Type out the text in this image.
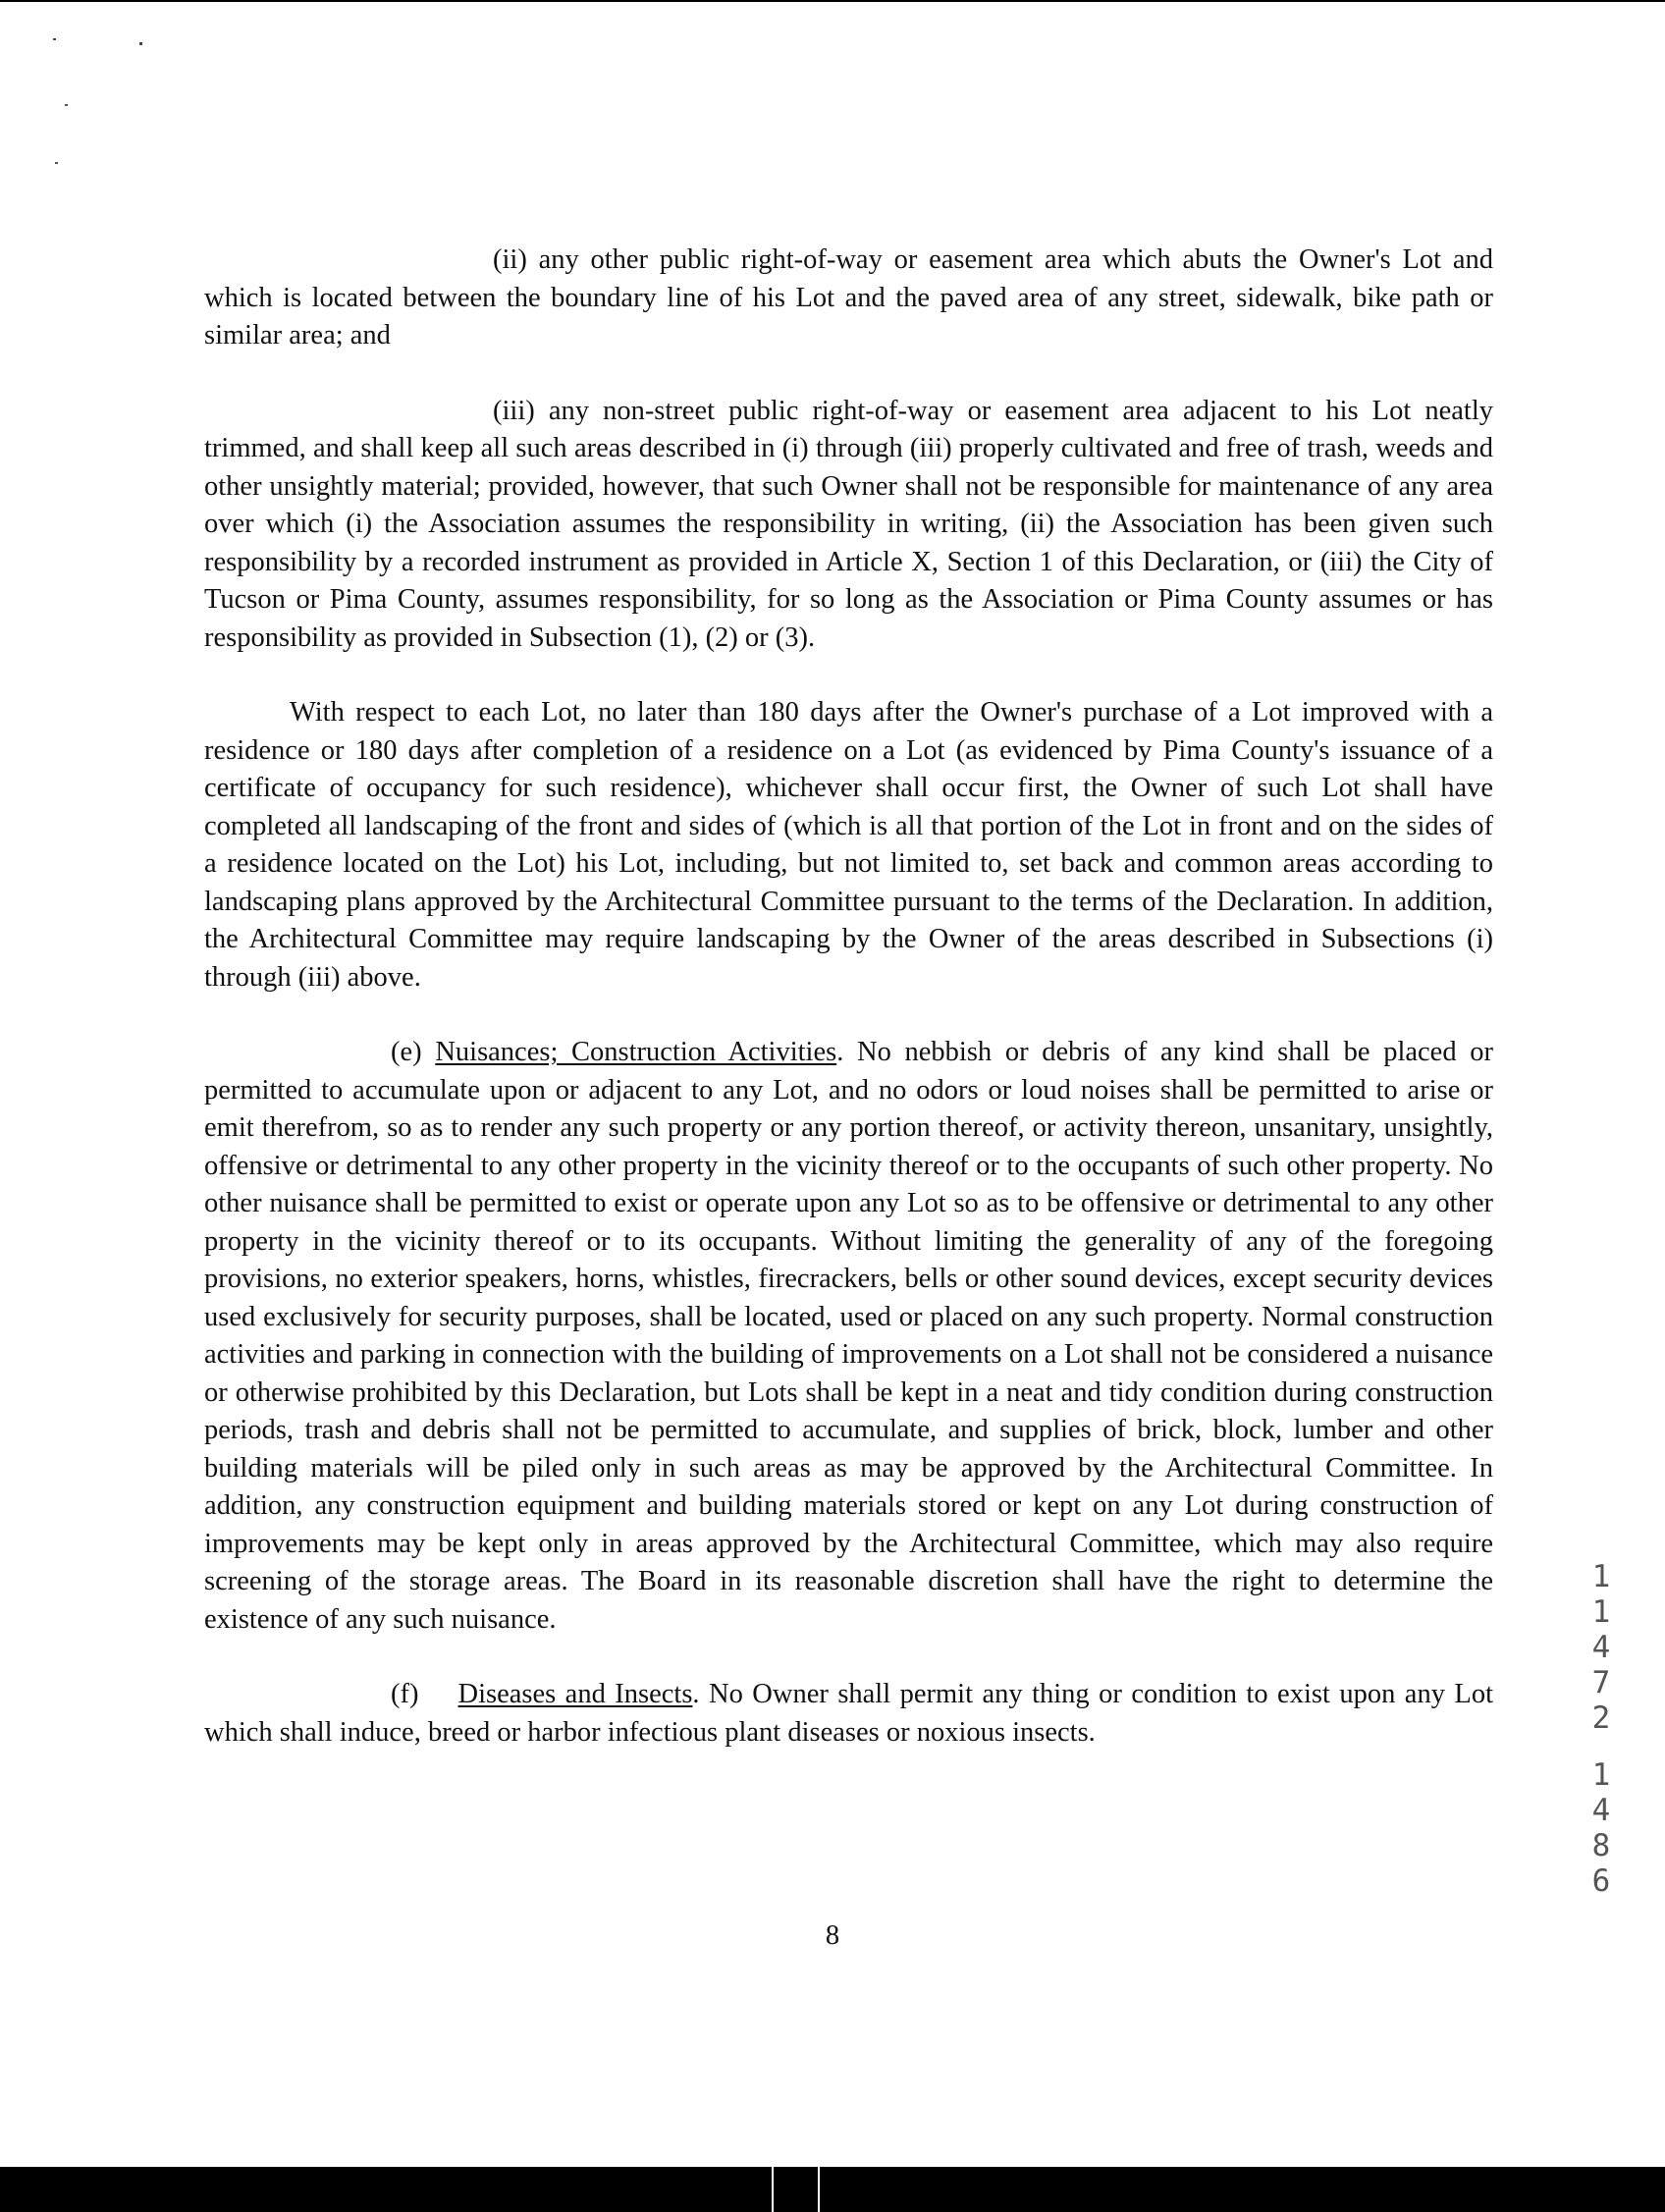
(ii) any other public right-of-way or easement area which abuts the Owner's Lot and which is located between the boundary line of his Lot and the paved area of any street, sidewalk, bike path or similar area; and

(iii) any non-street public right-of-way or easement area adjacent to his Lot neatly trimmed, and shall keep all such areas described in (i) through (iii) properly cultivated and free of trash, weeds and other unsightly material; provided, however, that such Owner shall not be responsible for maintenance of any area over which (i) the Association assumes the responsibility in writing, (ii) the Association has been given such responsibility by a recorded instrument as provided in Article X, Section 1 of this Declaration, or (iii) the City of Tucson or Pima County, assumes responsibility, for so long as the Association or Pima County assumes or has responsibility as provided in Subsection (1), (2) or (3).

With respect to each Lot, no later than 180 days after the Owner's purchase of a Lot improved with a residence or 180 days after completion of a residence on a Lot (as evidenced by Pima County's issuance of a certificate of occupancy for such residence), whichever shall occur first, the Owner of such Lot shall have completed all landscaping of the front and sides of (which is all that portion of the Lot in front and on the sides of a residence located on the Lot) his Lot, including, but not limited to, set back and common areas according to landscaping plans approved by the Architectural Committee pursuant to the terms of the Declaration. In addition, the Architectural Committee may require landscaping by the Owner of the areas described in Subsections (i) through (iii) above.

(e) Nuisances; Construction Activities. No nebbish or debris of any kind shall be placed or permitted to accumulate upon or adjacent to any Lot, and no odors or loud noises shall be permitted to arise or emit therefrom, so as to render any such property or any portion thereof, or activity thereon, unsanitary, unsightly, offensive or detrimental to any other property in the vicinity thereof or to the occupants of such other property. No other nuisance shall be permitted to exist or operate upon any Lot so as to be offensive or detrimental to any other property in the vicinity thereof or to its occupants. Without limiting the generality of any of the foregoing provisions, no exterior speakers, horns, whistles, firecrackers, bells or other sound devices, except security devices used exclusively for security purposes, shall be located, used or placed on any such property. Normal construction activities and parking in connection with the building of improvements on a Lot shall not be considered a nuisance or otherwise prohibited by this Declaration, but Lots shall be kept in a neat and tidy condition during construction periods, trash and debris shall not be permitted to accumulate, and supplies of brick, block, lumber and other building materials will be piled only in such areas as may be approved by the Architectural Committee. In addition, any construction equipment and building materials stored or kept on any Lot during construction of improvements may be kept only in areas approved by the Architectural Committee, which may also require screening of the storage areas. The Board in its reasonable discretion shall have the right to determine the existence of any such nuisance.

(f) Diseases and Insects. No Owner shall permit any thing or condition to exist upon any Lot which shall induce, breed or harbor infectious plant diseases or noxious insects.

8
1
1
4
7
2
1
4
8
6
